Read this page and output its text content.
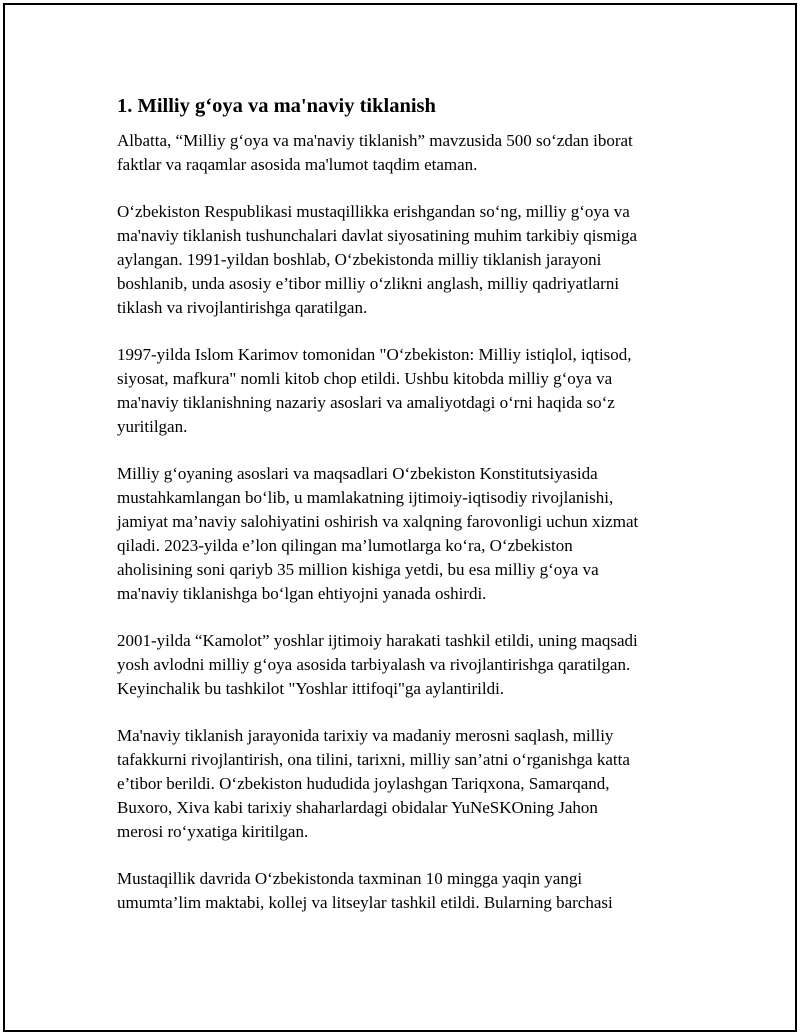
1. Milliy g‘oya va ma'naviy tiklanish

Albatta, “Milliy g‘oya va ma'naviy tiklanish” mavzusida 500 so‘zdan iborat
faktlar va raqamlar asosida ma'lumot taqdim etaman.

O‘zbekiston Respublikasi mustaqillikka erishgandan so‘ng, milliy g‘oya va
ma'naviy tiklanish tushunchalari davlat siyosatining muhim tarkibiy qismiga
aylangan. 1991-yildan boshlab, O‘zbekistonda milliy tiklanish jarayoni
boshlanib, unda asosiy e’tibor milliy o‘zlikni anglash, milliy qadriyatlarni
tiklash va rivojlantirishga qaratilgan.

1997-yilda Islom Karimov tomonidan "O‘zbekiston: Milliy istiqlol, iqtisod,
siyosat, mafkura" nomli kitob chop etildi. Ushbu kitobda milliy g‘oya va
ma'naviy tiklanishning nazariy asoslari va amaliyotdagi o‘rni haqida so‘z
yuritilgan.

Milliy g‘oyaning asoslari va maqsadlari O‘zbekiston Konstitutsiyasida
mustahkamlangan bo‘lib, u mamlakatning ijtimoiy-iqtisodiy rivojlanishi,
jamiyat ma’naviy salohiyatini oshirish va xalqning farovonligi uchun xizmat
qiladi. 2023-yilda e’lon qilingan ma’lumotlarga ko‘ra, O‘zbekiston
aholisining soni qariyb 35 million kishiga yetdi, bu esa milliy g‘oya va
ma'naviy tiklanishga bo‘lgan ehtiyojni yanada oshirdi.

2001-yilda “Kamolot” yoshlar ijtimoiy harakati tashkil etildi, uning maqsadi
yosh avlodni milliy g‘oya asosida tarbiyalash va rivojlantirishga qaratilgan.
Keyinchalik bu tashkilot "Yoshlar ittifoqi"ga aylantirildi.

Ma'naviy tiklanish jarayonida tarixiy va madaniy merosni saqlash, milliy
tafakkurni rivojlantirish, ona tilini, tarixni, milliy san’atni o‘rganishga katta
e’tibor berildi. O‘zbekiston hududida joylashgan Tariqxona, Samarqand,
Buxoro, Xiva kabi tarixiy shaharlardagi obidalar YuNeSKOning Jahon
merosi ro‘yxatiga kiritilgan.

Mustaqillik davrida O‘zbekistonda taxminan 10 mingga yaqin yangi
umumta’lim maktabi, kollej va litseylar tashkil etildi. Bularning barchasi
